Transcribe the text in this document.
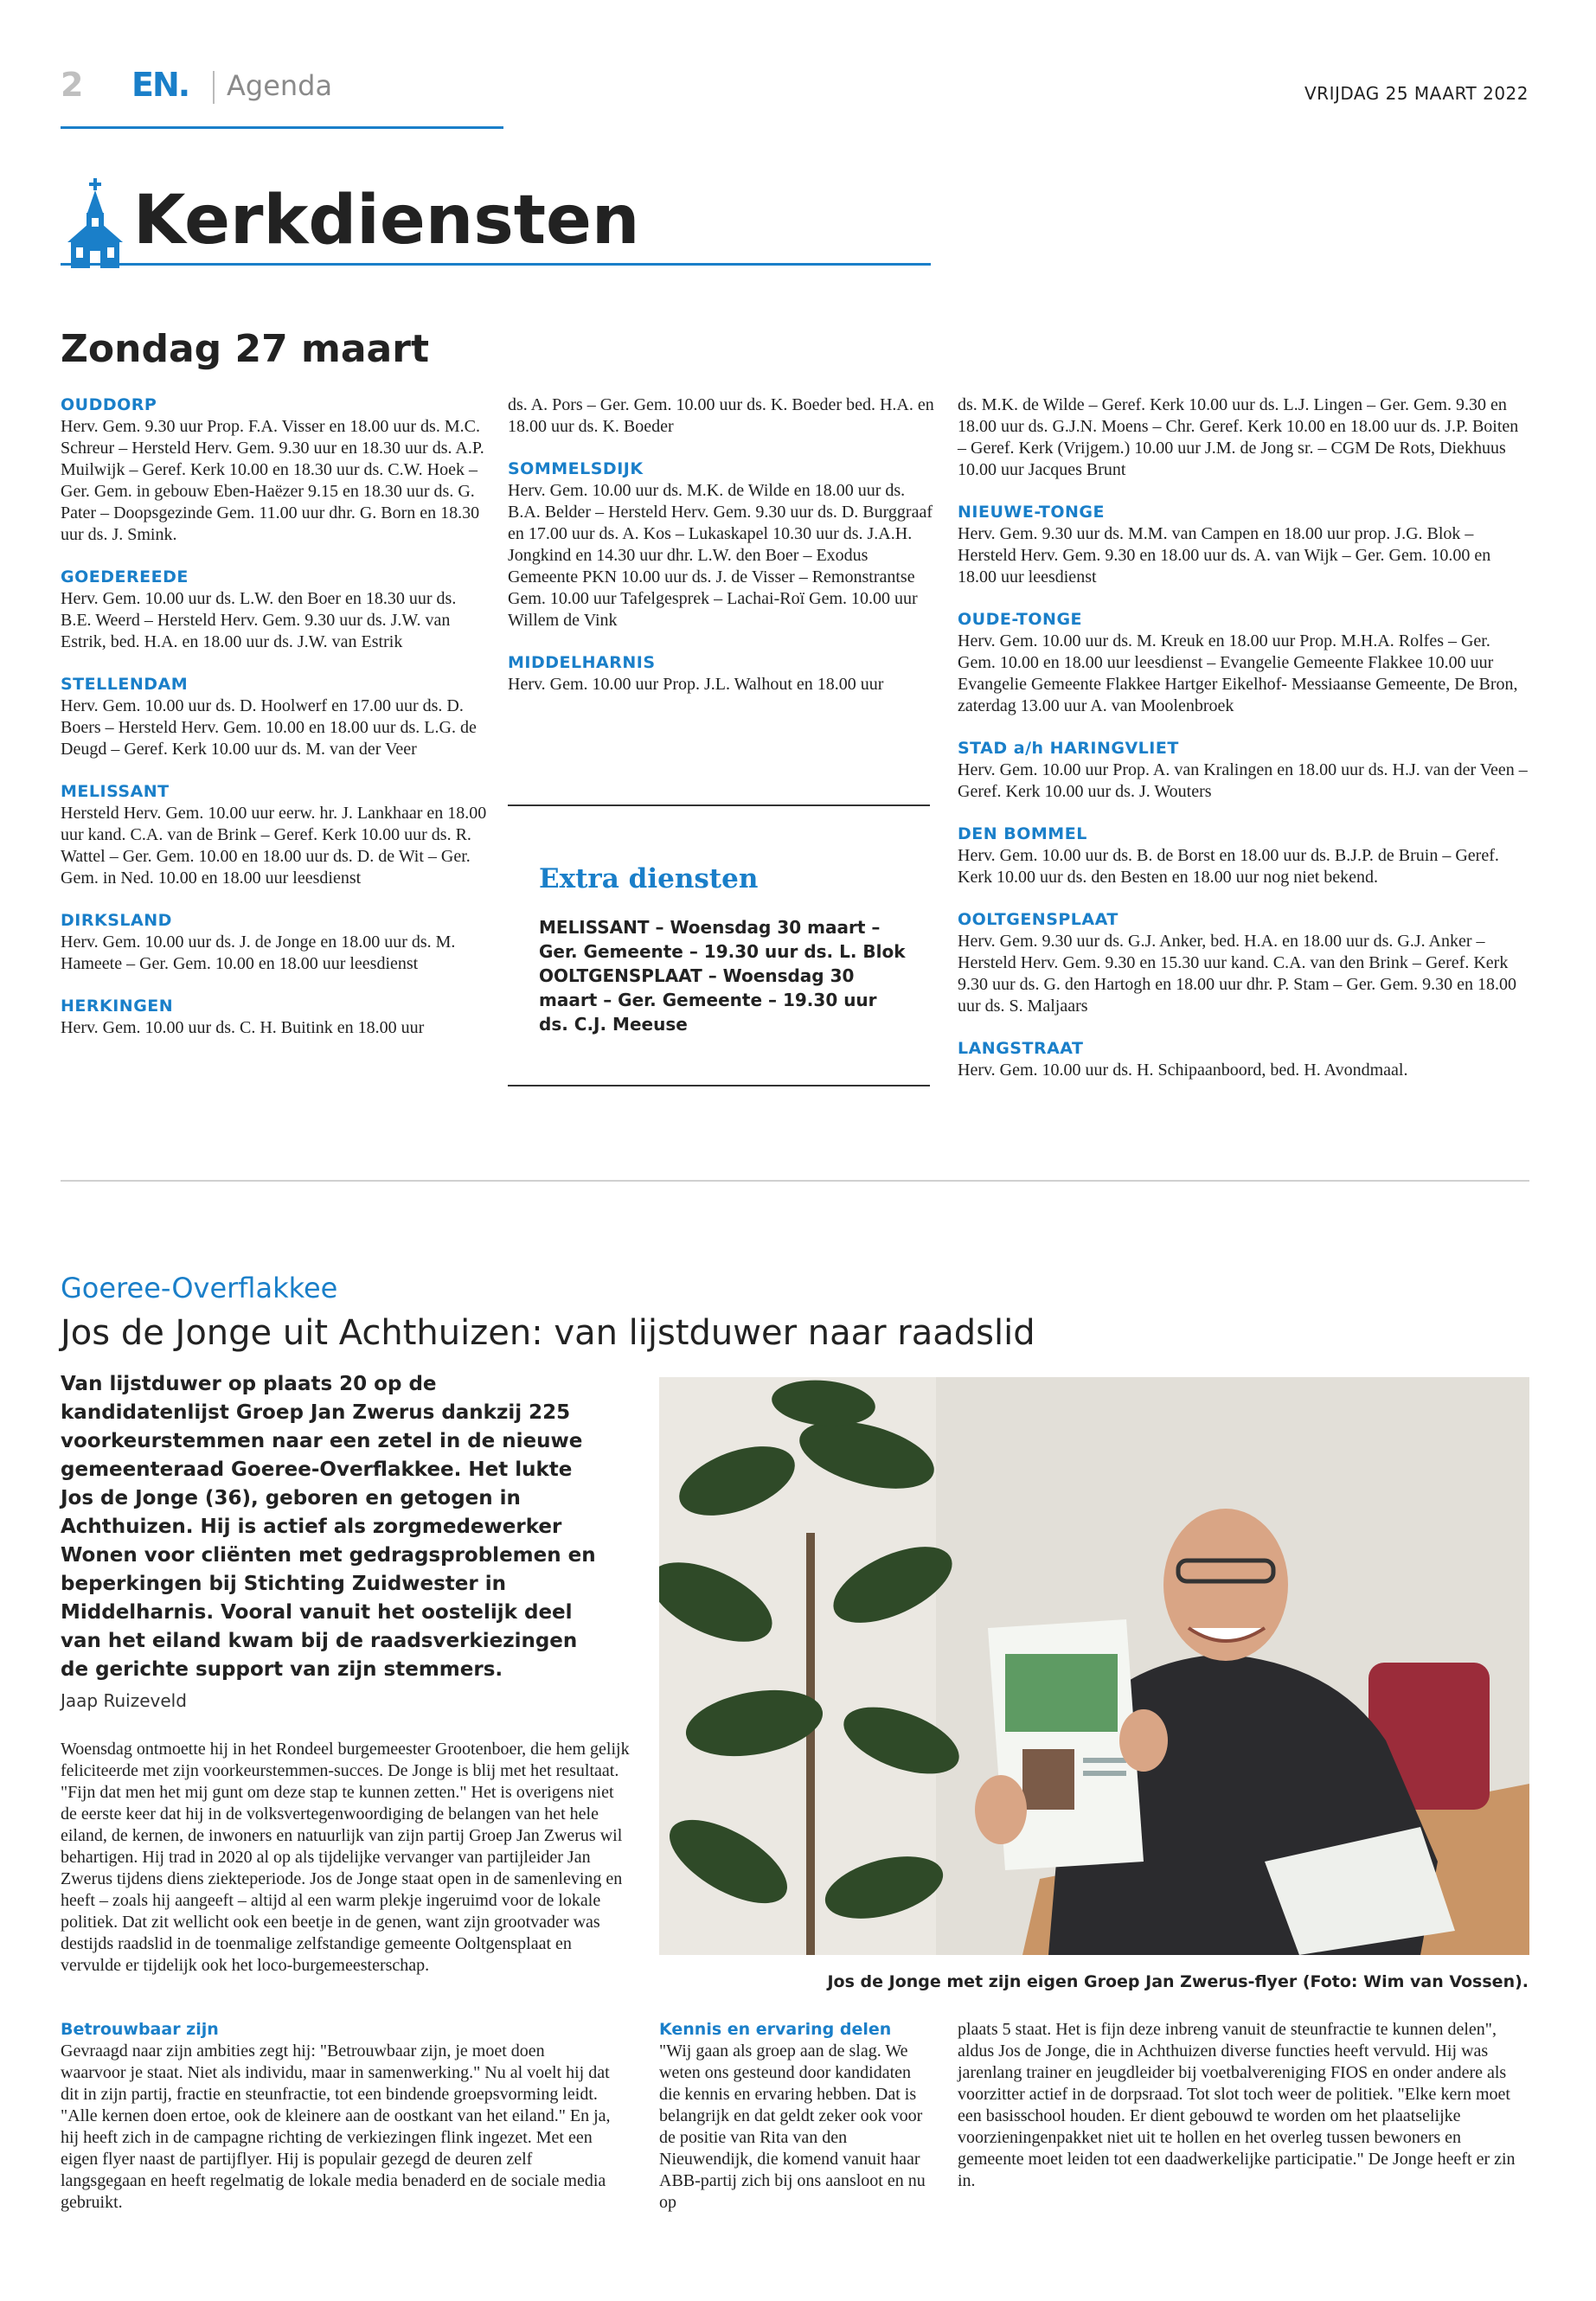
2 EN. Agenda	VRIJDAG 25 MAART 2022
Kerkdiensten
Zondag 27 maart
OUDDORP
Herv. Gem. 9.30 uur Prop. F.A. Visser en 18.00 uur ds. M.C. Schreur – Hersteld Herv. Gem. 9.30 uur en 18.30 uur ds. A.P. Muilwijk – Geref. Kerk 10.00 en 18.30 uur ds. C.W. Hoek – Ger. Gem. in gebouw Eben-Haëzer 9.15 en 18.30 uur ds. G. Pater – Doopsgezinde Gem. 11.00 uur dhr. G. Born en 18.30 uur ds. J. Smink.
GOEDEREEDE
Herv. Gem. 10.00 uur ds. L.W. den Boer en 18.30 uur ds. B.E. Weerd – Hersteld Herv. Gem. 9.30 uur ds. J.W. van Estrik, bed. H.A. en 18.00 uur ds. J.W. van Estrik
STELLENDAM
Herv. Gem. 10.00 uur ds. D. Hoolwerf en 17.00 uur ds. D. Boers – Hersteld Herv. Gem. 10.00 en 18.00 uur ds. L.G. de Deugd – Geref. Kerk 10.00 uur ds. M. van der Veer
MELISSANT
Hersteld Herv. Gem. 10.00 uur eerw. hr. J. Lankhaar en 18.00 uur kand. C.A. van de Brink – Geref. Kerk 10.00 uur ds. R. Wattel – Ger. Gem. 10.00 en 18.00 uur ds. D. de Wit – Ger. Gem. in Ned. 10.00 en 18.00 uur leesdienst
DIRKSLAND
Herv. Gem. 10.00 uur ds. J. de Jonge en 18.00 uur ds. M. Hameete – Ger. Gem. 10.00 en 18.00 uur leesdienst
HERKINGEN
Herv. Gem. 10.00 uur ds. C. H. Buitink en 18.00 uur
ds. A. Pors – Ger. Gem. 10.00 uur ds. K. Boeder bed. H.A. en 18.00 uur ds. K. Boeder
SOMMELSDIJK
Herv. Gem. 10.00 uur ds. M.K. de Wilde en 18.00 uur ds. B.A. Belder – Hersteld Herv. Gem. 9.30 uur ds. D. Burggraaf en 17.00 uur ds. A. Kos – Lukaskapel 10.30 uur ds. J.A.H. Jongkind en 14.30 uur dhr. L.W. den Boer – Exodus Gemeente PKN 10.00 uur ds. J. de Visser – Remonstrantse Gem. 10.00 uur Tafelgesprek – Lachai-Roï Gem. 10.00 uur Willem de Vink
MIDDELHARNIS
Herv. Gem. 10.00 uur Prop. J.L. Walhout en 18.00 uur
Extra diensten
MELISSANT – Woensdag 30 maart – Ger. Gemeente – 19.30 uur ds. L. Blok OOLTGENSPLAAT – Woensdag 30 maart – Ger. Gemeente – 19.30 uur ds. C.J. Meeuse
ds. M.K. de Wilde – Geref. Kerk 10.00 uur ds. L.J. Lingen – Ger. Gem. 9.30 en 18.00 uur ds. G.J.N. Moens – Chr. Geref. Kerk 10.00 en 18.00 uur ds. J.P. Boiten – Geref. Kerk (Vrijgem.) 10.00 uur J.M. de Jong sr. – CGM De Rots, Diekhuus 10.00 uur Jacques Brunt
NIEUWE-TONGE
Herv. Gem. 9.30 uur ds. M.M. van Campen en 18.00 uur prop. J.G. Blok – Hersteld Herv. Gem. 9.30 en 18.00 uur ds. A. van Wijk – Ger. Gem. 10.00 en 18.00 uur leesdienst
OUDE-TONGE
Herv. Gem. 10.00 uur ds. M. Kreuk en 18.00 uur Prop. M.H.A. Rolfes – Ger. Gem. 10.00 en 18.00 uur leesdienst – Evangelie Gemeente Flakkee 10.00 uur Evangelie Gemeente Flakkee Hartger Eikelhof- Messiaanse Gemeente, De Bron, zaterdag 13.00 uur A. van Moolenbroek
STAD a/h HARINGVLIET
Herv. Gem. 10.00 uur Prop. A. van Kralingen en 18.00 uur ds. H.J. van der Veen – Geref. Kerk 10.00 uur ds. J. Wouters
DEN BOMMEL
Herv. Gem. 10.00 uur ds. B. de Borst en 18.00 uur ds. B.J.P. de Bruin – Geref. Kerk 10.00 uur ds. den Besten en 18.00 uur nog niet bekend.
OOLTGENSPLAAT
Herv. Gem. 9.30 uur ds. G.J. Anker, bed. H.A. en 18.00 uur ds. G.J. Anker – Hersteld Herv. Gem. 9.30 en 15.30 uur kand. C.A. van den Brink – Geref. Kerk 9.30 uur ds. G. den Hartogh en 18.00 uur dhr. P. Stam – Ger. Gem. 9.30 en 18.00 uur ds. S. Maljaars
LANGSTRAAT
Herv. Gem. 10.00 uur ds. H. Schipaanboord, bed. H. Avondmaal.
Goeree-Overflakkee
Jos de Jonge uit Achthuizen: van lijstduwer naar raadslid
Van lijstduwer op plaats 20 op de kandidatenlijst Groep Jan Zwerus dankzij 225 voorkeurstemmen naar een zetel in de nieuwe gemeenteraad Goeree-Overflakkee. Het lukte Jos de Jonge (36), geboren en getogen in Achthuizen. Hij is actief als zorgmedewerker Wonen voor cliënten met gedragsproblemen en beperkingen bij Stichting Zuidwester in Middelharnis. Vooral vanuit het oostelijk deel van het eiland kwam bij de raadsverkiezingen de gerichte support van zijn stemmers.
Jaap Ruizeveld
Woensdag ontmoette hij in het Rondeel burgemeester Grootenboer, die hem gelijk feliciteerde met zijn voorkeurstemmen-succes. De Jonge is blij met het resultaat. "Fijn dat men het mij gunt om deze stap te kunnen zetten." Het is overigens niet de eerste keer dat hij in de volksvertegenwoordiging de belangen van het hele eiland, de kernen, de inwoners en natuurlijk van zijn partij Groep Jan Zwerus wil behartigen. Hij trad in 2020 al op als tijdelijke vervanger van partijleider Jan Zwerus tijdens diens ziekteperiode. Jos de Jonge staat open in de samenleving en heeft – zoals hij aangeeft – altijd al een warm plekje ingeruimd voor de lokale politiek. Dat zit wellicht ook een beetje in de genen, want zijn grootvader was destijds raadslid in de toenmalige zelfstandige gemeente Ooltgensplaat en vervulde er tijdelijk ook het loco-burgemeesterschap.
Jos de Jonge met zijn eigen Groep Jan Zwerus-flyer (Foto: Wim van Vossen).
Betrouwbaar zijn
Gevraagd naar zijn ambities zegt hij: "Betrouwbaar zijn, je moet doen waarvoor je staat. Niet als individu, maar in samenwerking." Nu al voelt hij dat dit in zijn partij, fractie en steunfractie, tot een bindende groepsvorming leidt. "Alle kernen doen ertoe, ook de kleinere aan de oostkant van het eiland." En ja, hij heeft zich in de campagne richting de verkiezingen flink ingezet. Met een eigen flyer naast de partijflyer. Hij is populair gezegd de deuren zelf langsgegaan en heeft regelmatig de lokale media benaderd en de sociale media gebruikt.
Kennis en ervaring delen
"Wij gaan als groep aan de slag. We weten ons gesteund door kandidaten die kennis en ervaring hebben. Dat is belangrijk en dat geldt zeker ook voor de positie van Rita van den Nieuwendijk, die komend vanuit haar ABB-partij zich bij ons aansloot en nu op
plaats 5 staat. Het is fijn deze inbreng vanuit de steunfractie te kunnen delen", aldus Jos de Jonge, die in Achthuizen diverse functies heeft vervuld. Hij was jarenlang trainer en jeugdleider bij voetbalvereniging FIOS en onder andere als voorzitter actief in de dorpsraad. Tot slot toch weer de politiek. "Elke kern moet een basisschool houden. Er dient gebouwd te worden om het plaatselijke voorzieningenpakket niet uit te hollen en het overleg tussen bewoners en gemeente moet leiden tot een daadwerkelijke participatie." De Jonge heeft er zin in.
